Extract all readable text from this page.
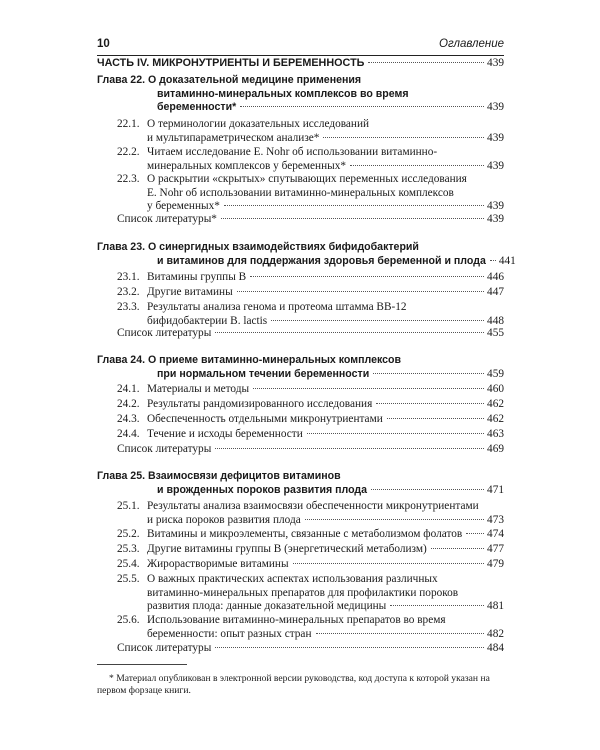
10	Оглавление
ЧАСТЬ IV. МИКРОНУТРИЕНТЫ И БЕРЕМЕННОСТЬ	439
Глава 22. О доказательной медицине применения
витаминно-минеральных комплексов во время
беременности*	439
22.1. О терминологии доказательных исследований
и мультипараметрическом анализе*	439
22.2. Читаем исследование E. Nohr об использовании витаминно-
минеральных комплексов у беременных*	439
22.3. О раскрытии «скрытых» спутывающих переменных исследования
E. Nohr об использовании витаминно-минеральных комплексов
у беременных*	439
Список литературы*	439
Глава 23. О синергидных взаимодействиях бифидобактерий
и витаминов для поддержания здоровья беременной и плода 441
23.1. Витамины группы В	446
23.2. Другие витамины	447
23.3. Результаты анализа генома и протеома штамма ВВ-12
бифидобактерии B. lactis	448
Список литературы	455
Глава 24. О приеме витаминно-минеральных комплексов
при нормальном течении беременности	459
24.1. Материалы и методы	460
24.2. Результаты рандомизированного исследования	462
24.3. Обеспеченность отдельными микронутриентами	462
24.4. Течение и исходы беременности	463
Список литературы	469
Глава 25. Взаимосвязи дефицитов витаминов
и врожденных пороков развития плода	471
25.1. Результаты анализа взаимосвязи обеспеченности микронутриентами
и риска пороков развития плода	473
25.2. Витамины и микроэлементы, связанные с метаболизмом фолатов 474
25.3. Другие витамины группы В (энергетический метаболизм)	477
25.4. Жирорастворимые витамины	479
25.5. О важных практических аспектах использования различных
витаминно-минеральных препаратов для профилактики пороков
развития плода: данные доказательной медицины	481
25.6. Использование витаминно-минеральных препаратов во время
беременности: опыт разных стран	482
Список литературы	484
* Материал опубликован в электронной версии руководства, код доступа к которой указан на первом форзаце книги.
